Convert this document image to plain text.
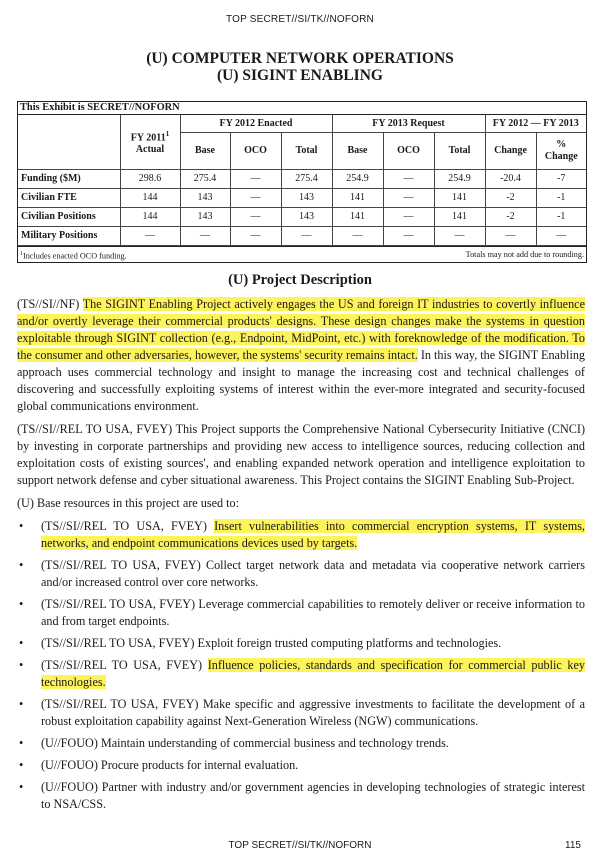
TOP SECRET//SI/TK//NOFORN
(U) COMPUTER NETWORK OPERATIONS
(U) SIGINT ENABLING
This Exhibit is SECRET//NOFORN
	FY 2011$^1$
Actual	FY 2012 Enacted			FY 2013 Request			FY 2012 — FY 2013	
		Base	OCO	Total	Base	OCO	Total	Change	% Change
Funding ($M)	298.6	275.4	—	275.4	254.9	—	254.9	-20.4	-7
Civilian FTE	144	143	—	143	141	—	141	-2	-1
Civilian Positions	144	143	—	143	141	—	141	-2	-1
Military Positions	—	—	—	—	—	—	—	—	—
$^1$Includes enacted OCO funding.	Totals may not add due to rounding.
(U) Project Description

(TS//SI//NF) The SIGINT Enabling Project actively engages the US and foreign IT industries to covertly influence and/or overtly leverage their commercial products' designs. These design changes make the systems in question exploitable through SIGINT collection (e.g., Endpoint, MidPoint, etc.) with foreknowledge of the modification. To the consumer and other adversaries, however, the systems' security remains intact. In this way, the SIGINT Enabling approach uses commercial technology and insight to manage the increasing cost and technical challenges of discovering and successfully exploiting systems of interest within the ever-more integrated and security-focused global communications environment.

(TS//SI//REL TO USA, FVEY) This Project supports the Comprehensive National Cybersecurity Initiative (CNCI) by investing in corporate partnerships and providing new access to intelligence sources, reducing collection and exploitation costs of existing sources', and enabling expanded network operation and intelligence exploitation to support network defense and cyber situational awareness. This Project contains the SIGINT Enabling Sub-Project.

(U) Base resources in this project are used to:

• (TS//SI//REL TO USA, FVEY) Insert vulnerabilities into commercial encryption systems, IT systems, networks, and endpoint communications devices used by targets.
• (TS//SI//REL TO USA, FVEY) Collect target network data and metadata via cooperative network carriers and/or increased control over core networks.
• (TS//SI//REL TO USA, FVEY) Leverage commercial capabilities to remotely deliver or receive information to and from target endpoints.
• (TS//SI//REL TO USA, FVEY) Exploit foreign trusted computing platforms and technologies.
• (TS//SI//REL TO USA, FVEY) Influence policies, standards and specification for commercial public key technologies.
• (TS//SI//REL TO USA, FVEY) Make specific and aggressive investments to facilitate the development of a robust exploitation capability against Next-Generation Wireless (NGW) communications.
• (U//FOUO) Maintain understanding of commercial business and technology trends.
• (U//FOUO) Procure products for internal evaluation.
• (U//FOUO) Partner with industry and/or government agencies in developing technologies of strategic interest to NSA/CSS.
TOP SECRET//SI/TK//NOFORN	115
